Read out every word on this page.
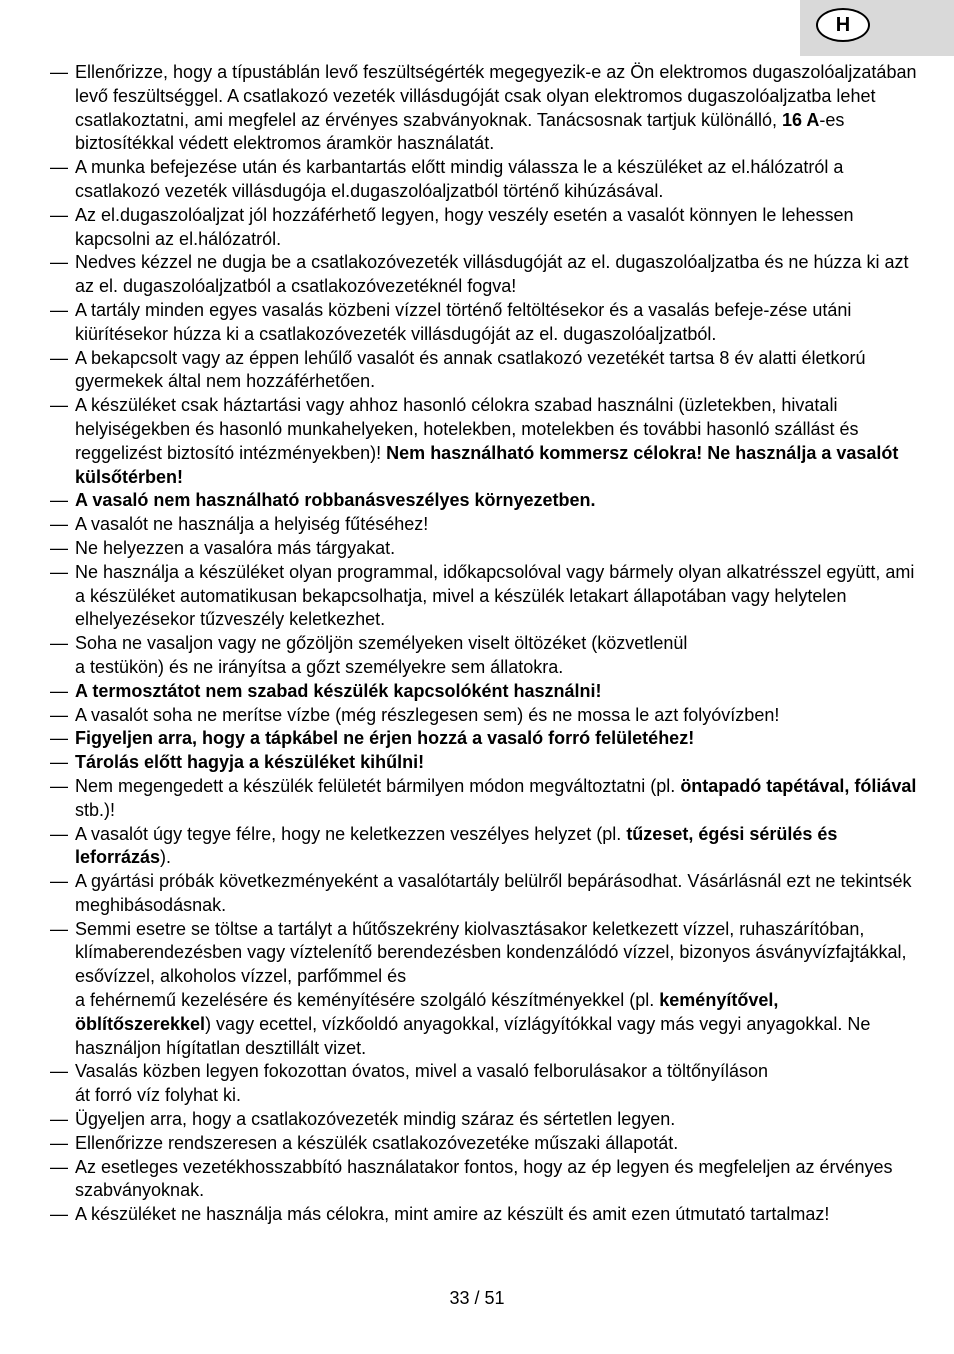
H
— Ellenőrizze, hogy a típustáblán levő feszültségérték megegyezik-e az Ön elektromos dugaszolóaljzatában levő feszültséggel. A csatlakozó vezeték villásdugóját csak olyan elektromos dugaszolóaljzatba lehet csatlakoztatni, ami megfelel az érvényes szabványoknak. Tanácsosnak tartjuk különálló, 16 A-es biztosítékkal védett elektromos áramkör használatát.
— A munka befejezése után és karbantartás előtt mindig válassza le a készüléket az el.hálózatról a csatlakozó vezeték villásdugója el.dugaszolóaljzatból történő kihúzásával.
— Az el.dugaszolóaljzat jól hozzáférhető legyen, hogy veszély esetén a vasalót könnyen le lehessen kapcsolni az el.hálózatról.
— Nedves kézzel ne dugja be a csatlakozóvezeték villásdugóját az el. dugaszolóaljzatba és ne húzza ki azt az el. dugaszolóaljzatból a csatlakozóvezetéknél fogva!
— A tartály minden egyes vasalás közbeni vízzel történő feltöltésekor és a vasalás befeje-zése utáni kiürítésekor húzza ki a csatlakozóvezeték villásdugóját az el. dugaszolóaljzatból.
— A bekapcsolt vagy az éppen lehűlő vasalót és annak csatlakozó vezetékét tartsa 8 év alatti életkorú gyermekek által nem hozzáférhetően.
— A készüléket csak háztartási vagy ahhoz hasonló célokra szabad használni (üzletekben, hivatali helyiségekben és hasonló munkahelyeken, hotelekben, motelekben és további hasonló szállást és reggelizést biztosító intézményekben)! Nem használható kommersz célokra! Ne használja a vasalót külsőtérben!
— A vasaló nem használható robbanásveszélyes környezetben.
— A vasalót ne használja a helyiség fűtéséhez!
— Ne helyezzen a vasalóra más tárgyakat.
— Ne használja a készüléket olyan programmal, időkapcsolóval vagy bármely olyan alkatrésszel együtt, ami a készüléket automatikusan bekapcsolhatja, mivel a készülék letakart állapotában vagy helytelen elhelyezésekor tűzveszély keletkezhet.
— Soha ne vasaljon vagy ne gőzöljön személyeken viselt öltözéket (közvetlenül
a testükön) és ne irányítsa a gőzt személyekre sem állatokra.
— A termosztátot nem szabad készülék kapcsolóként használni!
— A vasalót soha ne merítse vízbe (még részlegesen sem) és ne mossa le azt folyóvízben!
— Figyeljen arra, hogy a tápkábel ne érjen hozzá a vasaló forró felületéhez!
— Tárolás előtt hagyja a készüléket kihűlni!
— Nem megengedett a készülék felületét bármilyen módon megváltoztatni (pl. öntapadó tapétával, fóliával stb.)!
— A vasalót úgy tegye félre, hogy ne keletkezzen veszélyes helyzet (pl. tűzeset, égési sérülés és leforrázás).
— A gyártási próbák következményeként a vasalótartály belülről bepárásodhat. Vásárlásnál ezt ne tekintsék meghibásodásnak.
— Semmi esetre se töltse a tartályt a hűtőszekrény kiolvasztásakor keletkezett vízzel, ruhaszárítóban, klímaberendezésben vagy víztelenítő berendezésben kondenzálódó vízzel, bizonyos ásványvízfajtákkal, esővízzel, alkoholos vízzel, parfőmmel és
a fehérnemű kezelésére és keményítésére szolgáló készítményekkel (pl. keményítővel, öblítőszerekkel) vagy ecettel, vízkőoldó anyagokkal, vízlágyítókkal vagy más vegyi anyagokkal. Ne használjon hígítatlan desztillált vizet.
— Vasalás közben legyen fokozottan óvatos, mivel a vasaló felborulásakor a töltőnyíláson
át forró víz folyhat ki.
— Ügyeljen arra, hogy a csatlakozóvezeték mindig száraz és sértetlen legyen.
— Ellenőrizze rendszeresen a készülék csatlakozóvezetéke műszaki állapotát.
— Az esetleges vezetékhosszabbító használatakor fontos, hogy az ép legyen és megfeleljen az érvényes szabványoknak.
— A készüléket ne használja más célokra, mint amire az készült és amit ezen útmutató tartalmaz!
33 / 51
